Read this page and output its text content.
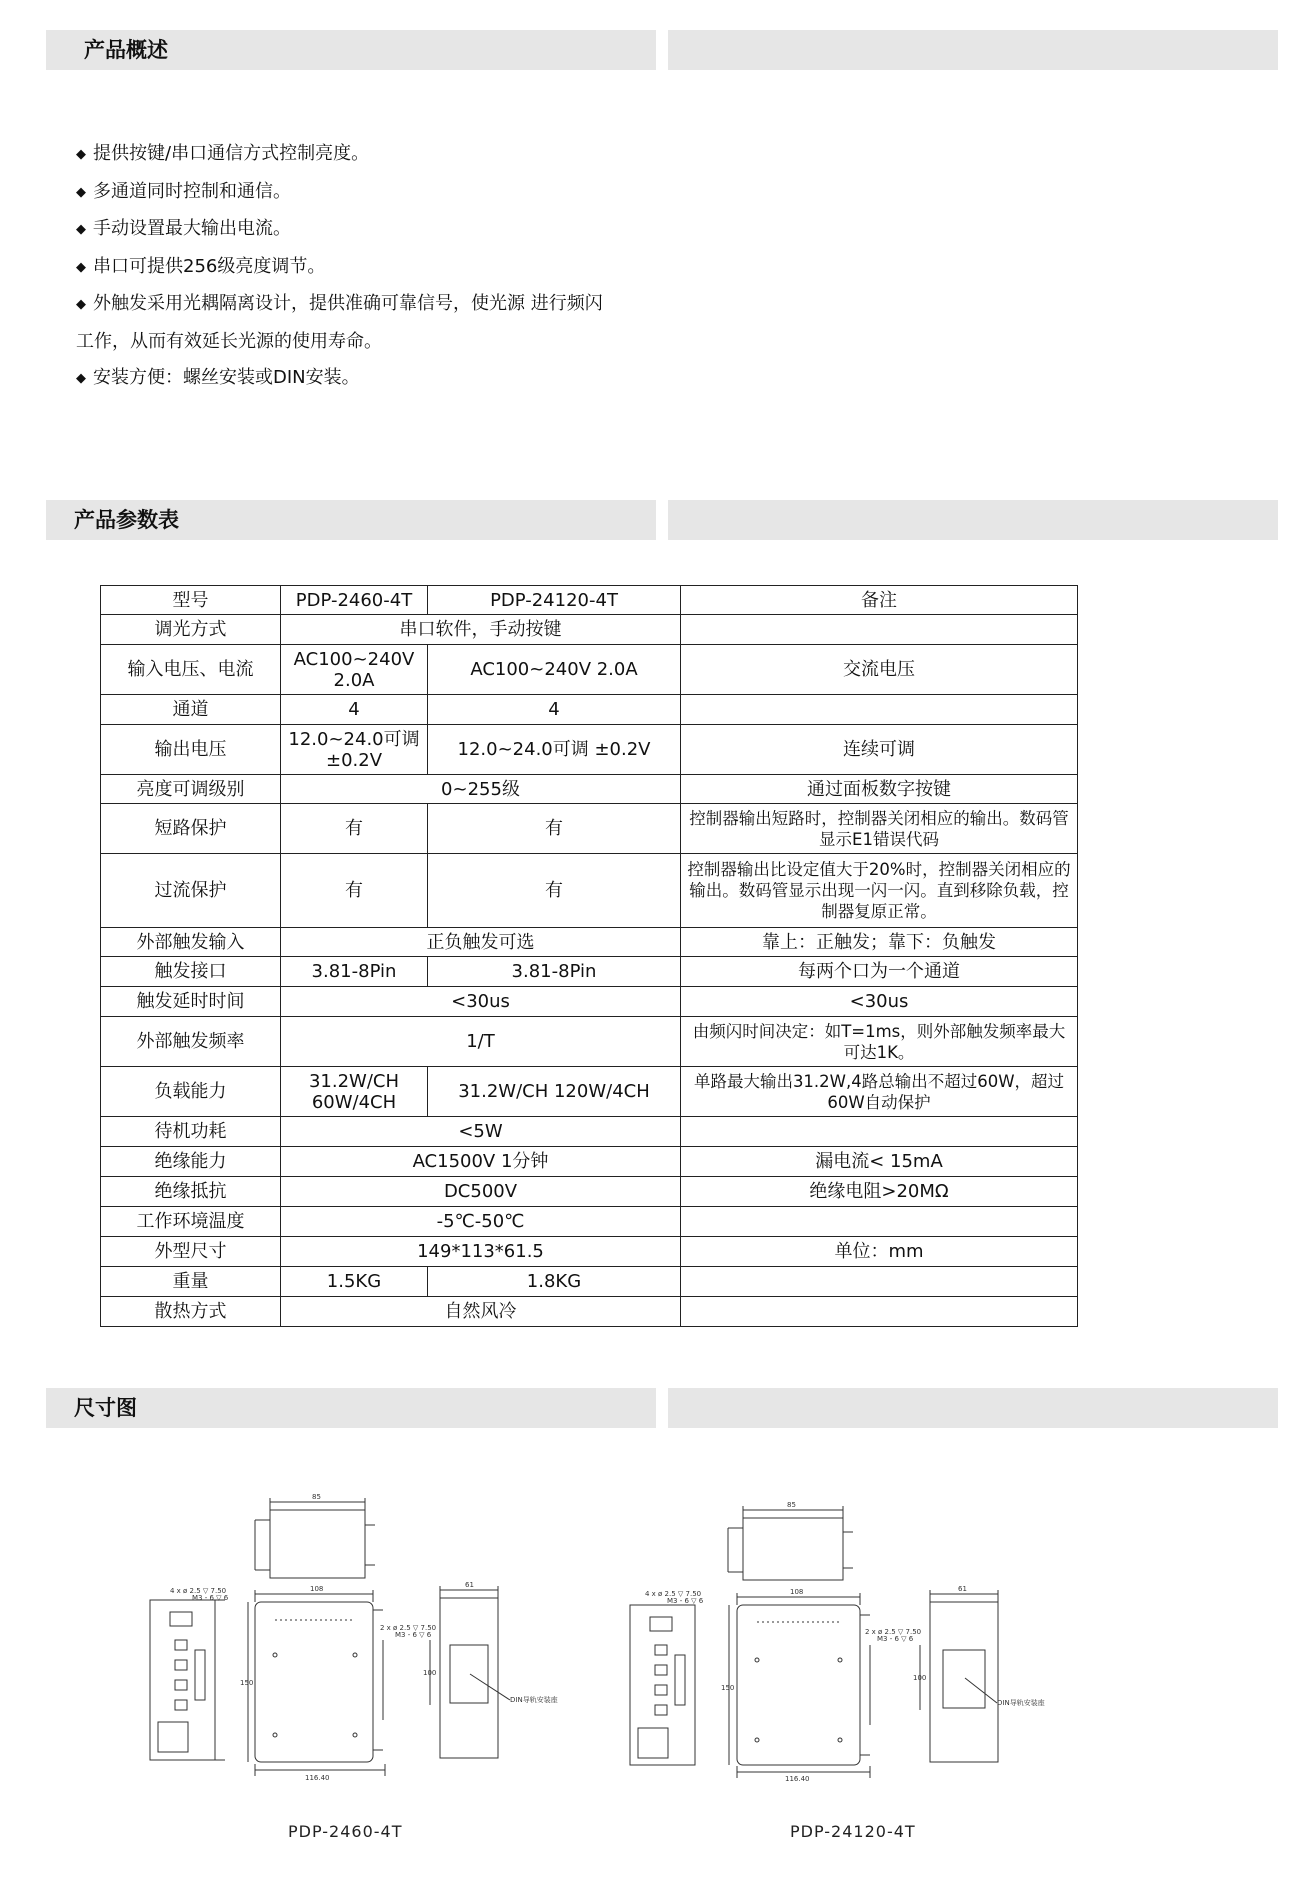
产品概述
◆ 提供按键/串口通信方式控制亮度。
◆ 多通道同时控制和通信。
◆ 手动设置最大输出电流。
◆ 串口可提供256级亮度调节。
◆ 外触发采用光耦隔离设计，提供准确可靠信号，使光源 进行频闪
工作，从而有效延长光源的使用寿命。
◆ 安装方便：螺丝安装或DIN安装。
产品参数表
型号	PDP-2460-4T	PDP-24120-4T	备注
调光方式	串口软件，手动按键		
输入电压、电流	AC100~240V 2.0A	AC100~240V 2.0A	交流电压
通道	4	4	
输出电压	12.0~24.0可调 ±0.2V	12.0~24.0可调 ±0.2V	连续可调
亮度可调级别	0~255级		通过面板数字按键
短路保护	有	有	控制器输出短路时，控制器关闭相应的输出。数码管显示E1错误代码
过流保护	有	有	控制器输出比设定值大于20%时，控制器关闭相应的输出。数码管显示出现一闪一闪。直到移除负载，控制器复原正常。
外部触发输入	正负触发可选		靠上：正触发；靠下：负触发
触发接口	3.81-8Pin	3.81-8Pin	每两个口为一个通道
触发延时时间	<30us		<30us
外部触发频率	1/T		由频闪时间决定：如T=1ms，则外部触发频率最大可达1K。
负载能力	31.2W/CH 60W/4CH	31.2W/CH 120W/4CH	单路最大输出31.2W,4路总输出不超过60W，超过60W自动保护
待机功耗	<5W		
绝缘能力	AC1500V 1分钟		漏电流< 15mA
绝缘抵抗	DC500V		绝缘电阻>20MΩ
工作环境温度	-5℃-50℃		
外型尺寸	149*113*61.5		单位：mm
重量	1.5KG	1.8KG	
散热方式	自然风冷		
尺寸图
85
108
116.40
150
61
100
4 x ø 2.5 ▽ 7.50
M3 - 6 ▽ 6
2 x ø 2.5 ▽ 7.50
M3 - 6 ▽ 6
DIN导轨安装座
85
108
116.40
150
61
100
4 x ø 2.5 ▽ 7.50
M3 - 6 ▽ 6
2 x ø 2.5 ▽ 7.50
M3 - 6 ▽ 6
DIN导轨安装座
PDP-2460-4T	PDP-24120-4T
